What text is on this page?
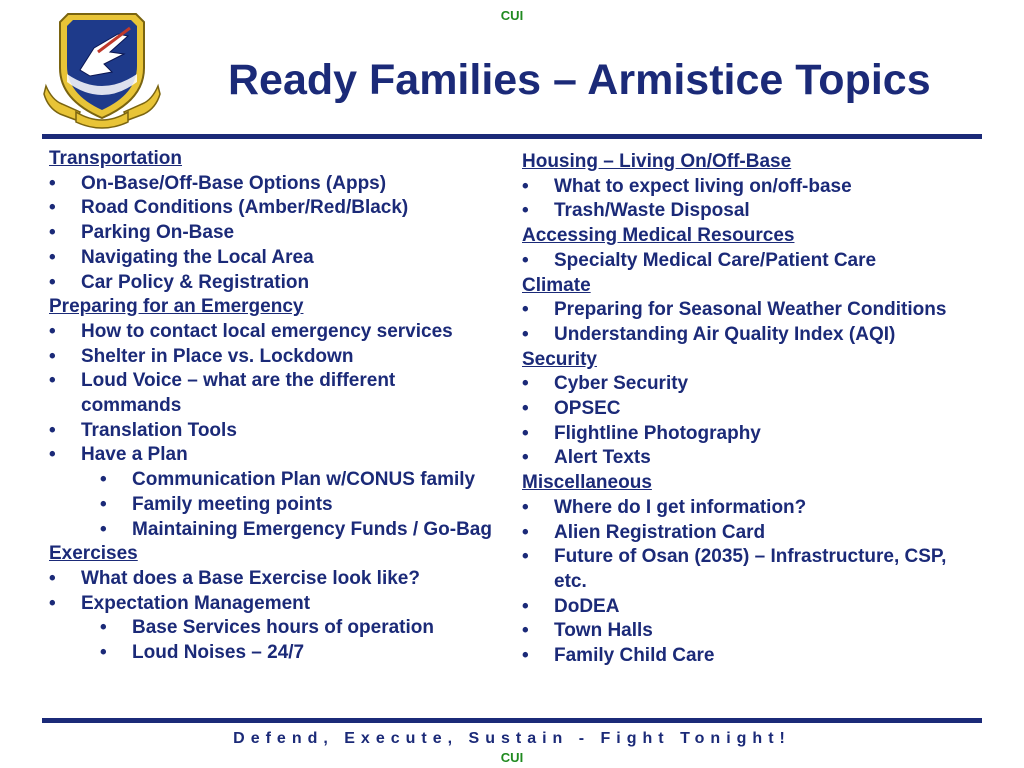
CUI
Ready Families – Armistice Topics
Transportation
•	On-Base/Off-Base Options (Apps)
•	Road Conditions (Amber/Red/Black)
•	Parking On-Base
•	Navigating the Local Area
•	Car Policy & Registration
Preparing for an Emergency
•	How to contact local emergency services
•	Shelter in Place vs. Lockdown
•	Loud Voice – what are the different commands
•	Translation Tools
•	Have a Plan
•	Communication Plan w/CONUS family
•	Family meeting points
•	Maintaining Emergency Funds / Go-Bag
Exercises
•	What does a Base Exercise look like?
•	Expectation Management
•	Base Services hours of operation
•	Loud Noises – 24/7
Housing – Living On/Off-Base
•	What to expect living on/off-base
•	Trash/Waste Disposal
Accessing Medical Resources
•	Specialty Medical Care/Patient Care
Climate
•	Preparing for Seasonal Weather Conditions
•	Understanding Air Quality Index (AQI)
Security
•	Cyber Security
•	OPSEC
•	Flightline Photography
•	Alert Texts
Miscellaneous
•	Where do I get information?
•	Alien Registration Card
•	Future of Osan (2035) – Infrastructure, CSP, etc.
•	DoDEA
•	Town Halls
•	Family Child Care
Defend, Execute, Sustain - Fight Tonight!
CUI
